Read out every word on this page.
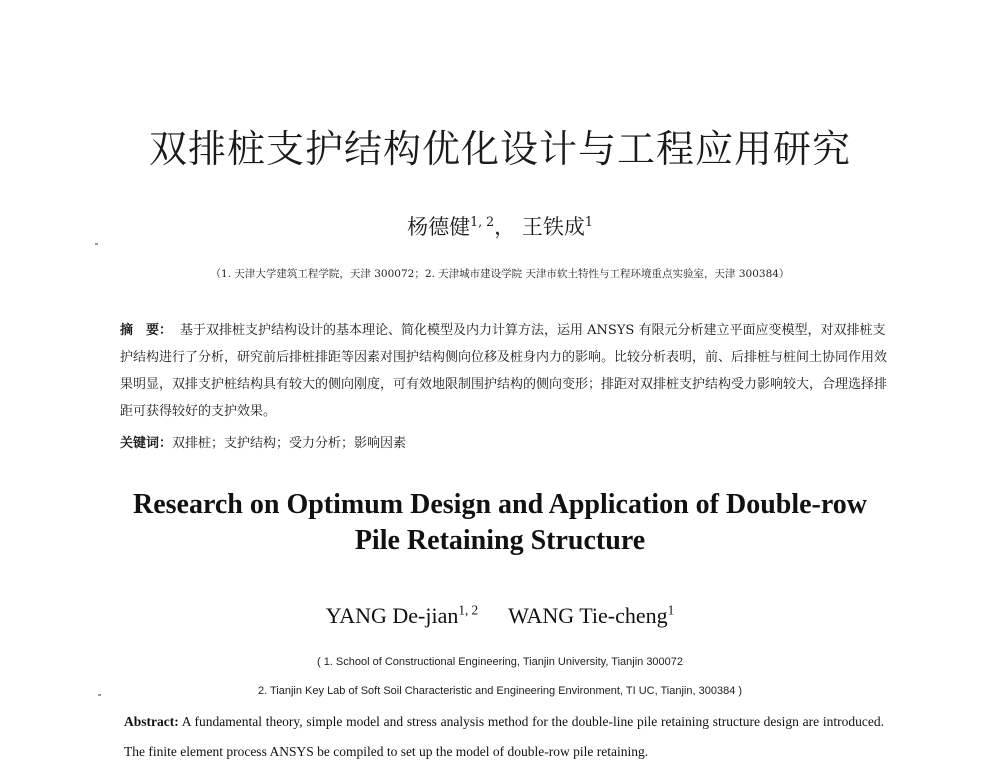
双排桩支护结构优化设计与工程应用研究
杨德健$^{1, 2}$， 王铁成$^1$
（1. 天津大学建筑工程学院，天津 300072；2. 天津城市建设学院 天津市软土特性与工程环境重点实验室，天津 300384）
摘　要： 基于双排桩支护结构设计的基本理论、简化模型及内力计算方法，运用 ANSYS 有限元分析建立平面应变模型，对双排桩支护结构进行了分析，研究前后排桩排距等因素对围护结构侧向位移及桩身内力的影响。比较分析表明，前、后排桩与桩间土协同作用效果明显，双排支护桩结构具有较大的侧向刚度，可有效地限制围护结构的侧向变形；排距对双排桩支护结构受力影响较大，合理选择排距可获得较好的支护效果。
关键词：双排桩；支护结构；受力分析；影响因素
Research on Optimum Design and Application of Double-row
Pile Retaining Structure
YANG De-jian$^{1, 2}$ WANG Tie-cheng$^1$
( 1. School of Constructional Engineering, Tianjin University, Tianjin 300072
2. Tianjin Key Lab of Soft Soil Characteristic and Engineering Environment, TI UC, Tianjin, 300384 )
Abstract: A fundamental theory, simple model and stress analysis method for the double-line pile retaining structure design are introduced. The finite element process ANSYS be compiled to set up the model of double-row pile retaining.
